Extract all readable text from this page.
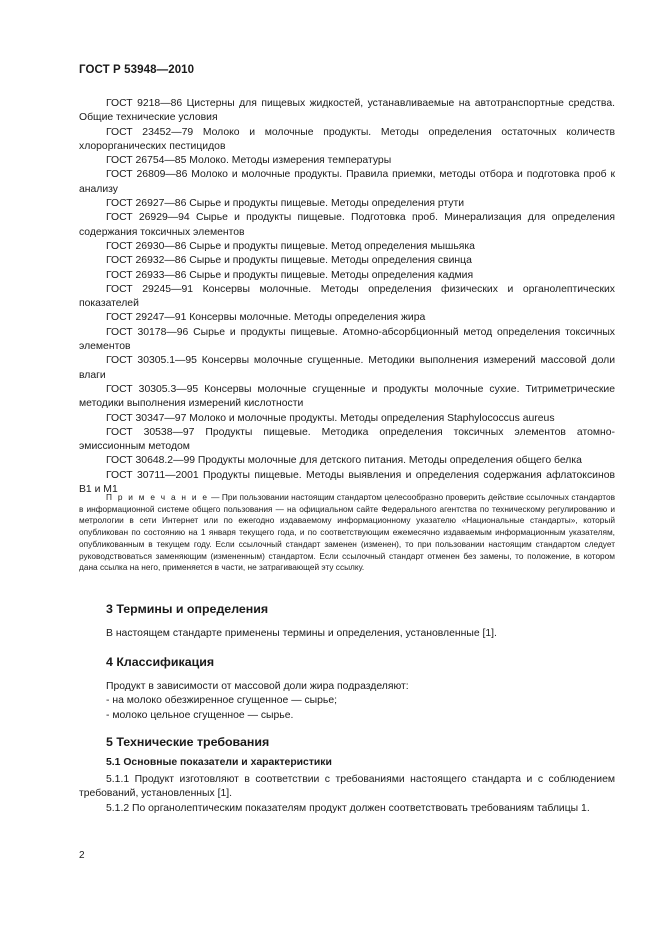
ГОСТ Р 53948—2010

ГОСТ 9218—86 Цистерны для пищевых жидкостей, устанавливаемые на автотранспортные средства. Общие технические условия

ГОСТ 23452—79 Молоко и молочные продукты. Методы определения остаточных количеств хлорорганических пестицидов

ГОСТ 26754—85 Молоко. Методы измерения температуры

ГОСТ 26809—86 Молоко и молочные продукты. Правила приемки, методы отбора и подготовка проб к анализу

ГОСТ 26927—86 Сырье и продукты пищевые. Методы определения ртути

ГОСТ 26929—94 Сырье и продукты пищевые. Подготовка проб. Минерализация для определения содержания токсичных элементов

ГОСТ 26930—86 Сырье и продукты пищевые. Метод определения мышьяка

ГОСТ 26932—86 Сырье и продукты пищевые. Методы определения свинца

ГОСТ 26933—86 Сырье и продукты пищевые. Методы определения кадмия

ГОСТ 29245—91 Консервы молочные. Методы определения физических и органолептических показателей

ГОСТ 29247—91 Консервы молочные. Методы определения жира

ГОСТ 30178—96 Сырье и продукты пищевые. Атомно-абсорбционный метод определения токсичных элементов

ГОСТ 30305.1—95 Консервы молочные сгущенные. Методики выполнения измерений массовой доли влаги

ГОСТ 30305.3—95 Консервы молочные сгущенные и продукты молочные сухие. Титриметрические методики выполнения измерений кислотности

ГОСТ 30347—97 Молоко и молочные продукты. Методы определения Staphylococcus aureus

ГОСТ 30538—97 Продукты пищевые. Методика определения токсичных элементов атомно-эмиссионным методом

ГОСТ 30648.2—99 Продукты молочные для детского питания. Методы определения общего белка

ГОСТ 30711—2001 Продукты пищевые. Методы выявления и определения содержания афлатоксинов В1 и М1

П р и м е ч а н и е — При пользовании настоящим стандартом целесообразно проверить действие ссылочных стандартов в информационной системе общего пользования — на официальном сайте Федерального агентства по техническому регулированию и метрологии в сети Интернет или по ежегодно издаваемому информационному указателю «Национальные стандарты», который опубликован по состоянию на 1 января текущего года, и по соответствующим ежемесячно издаваемым информационным указателям, опубликованным в текущем году. Если ссылочный стандарт заменен (изменен), то при пользовании настоящим стандартом следует руководствоваться заменяющим (измененным) стандартом. Если ссылочный стандарт отменен без замены, то положение, в котором дана ссылка на него, применяется в части, не затрагивающей эту ссылку.
3 Термины и определения

В настоящем стандарте применены термины и определения, установленные [1].

4 Классификация

Продукт в зависимости от массовой доли жира подразделяют:

- на молоко обезжиренное сгущенное — сырье;

- молоко цельное сгущенное — сырье.

5 Технические требования
5.1 Основные показатели и характеристики

5.1.1 Продукт изготовляют в соответствии с требованиями настоящего стандарта и с соблюдением требований, установленных [1].

5.1.2 По органолептическим показателям продукт должен соответствовать требованиям таблицы 1.

2
